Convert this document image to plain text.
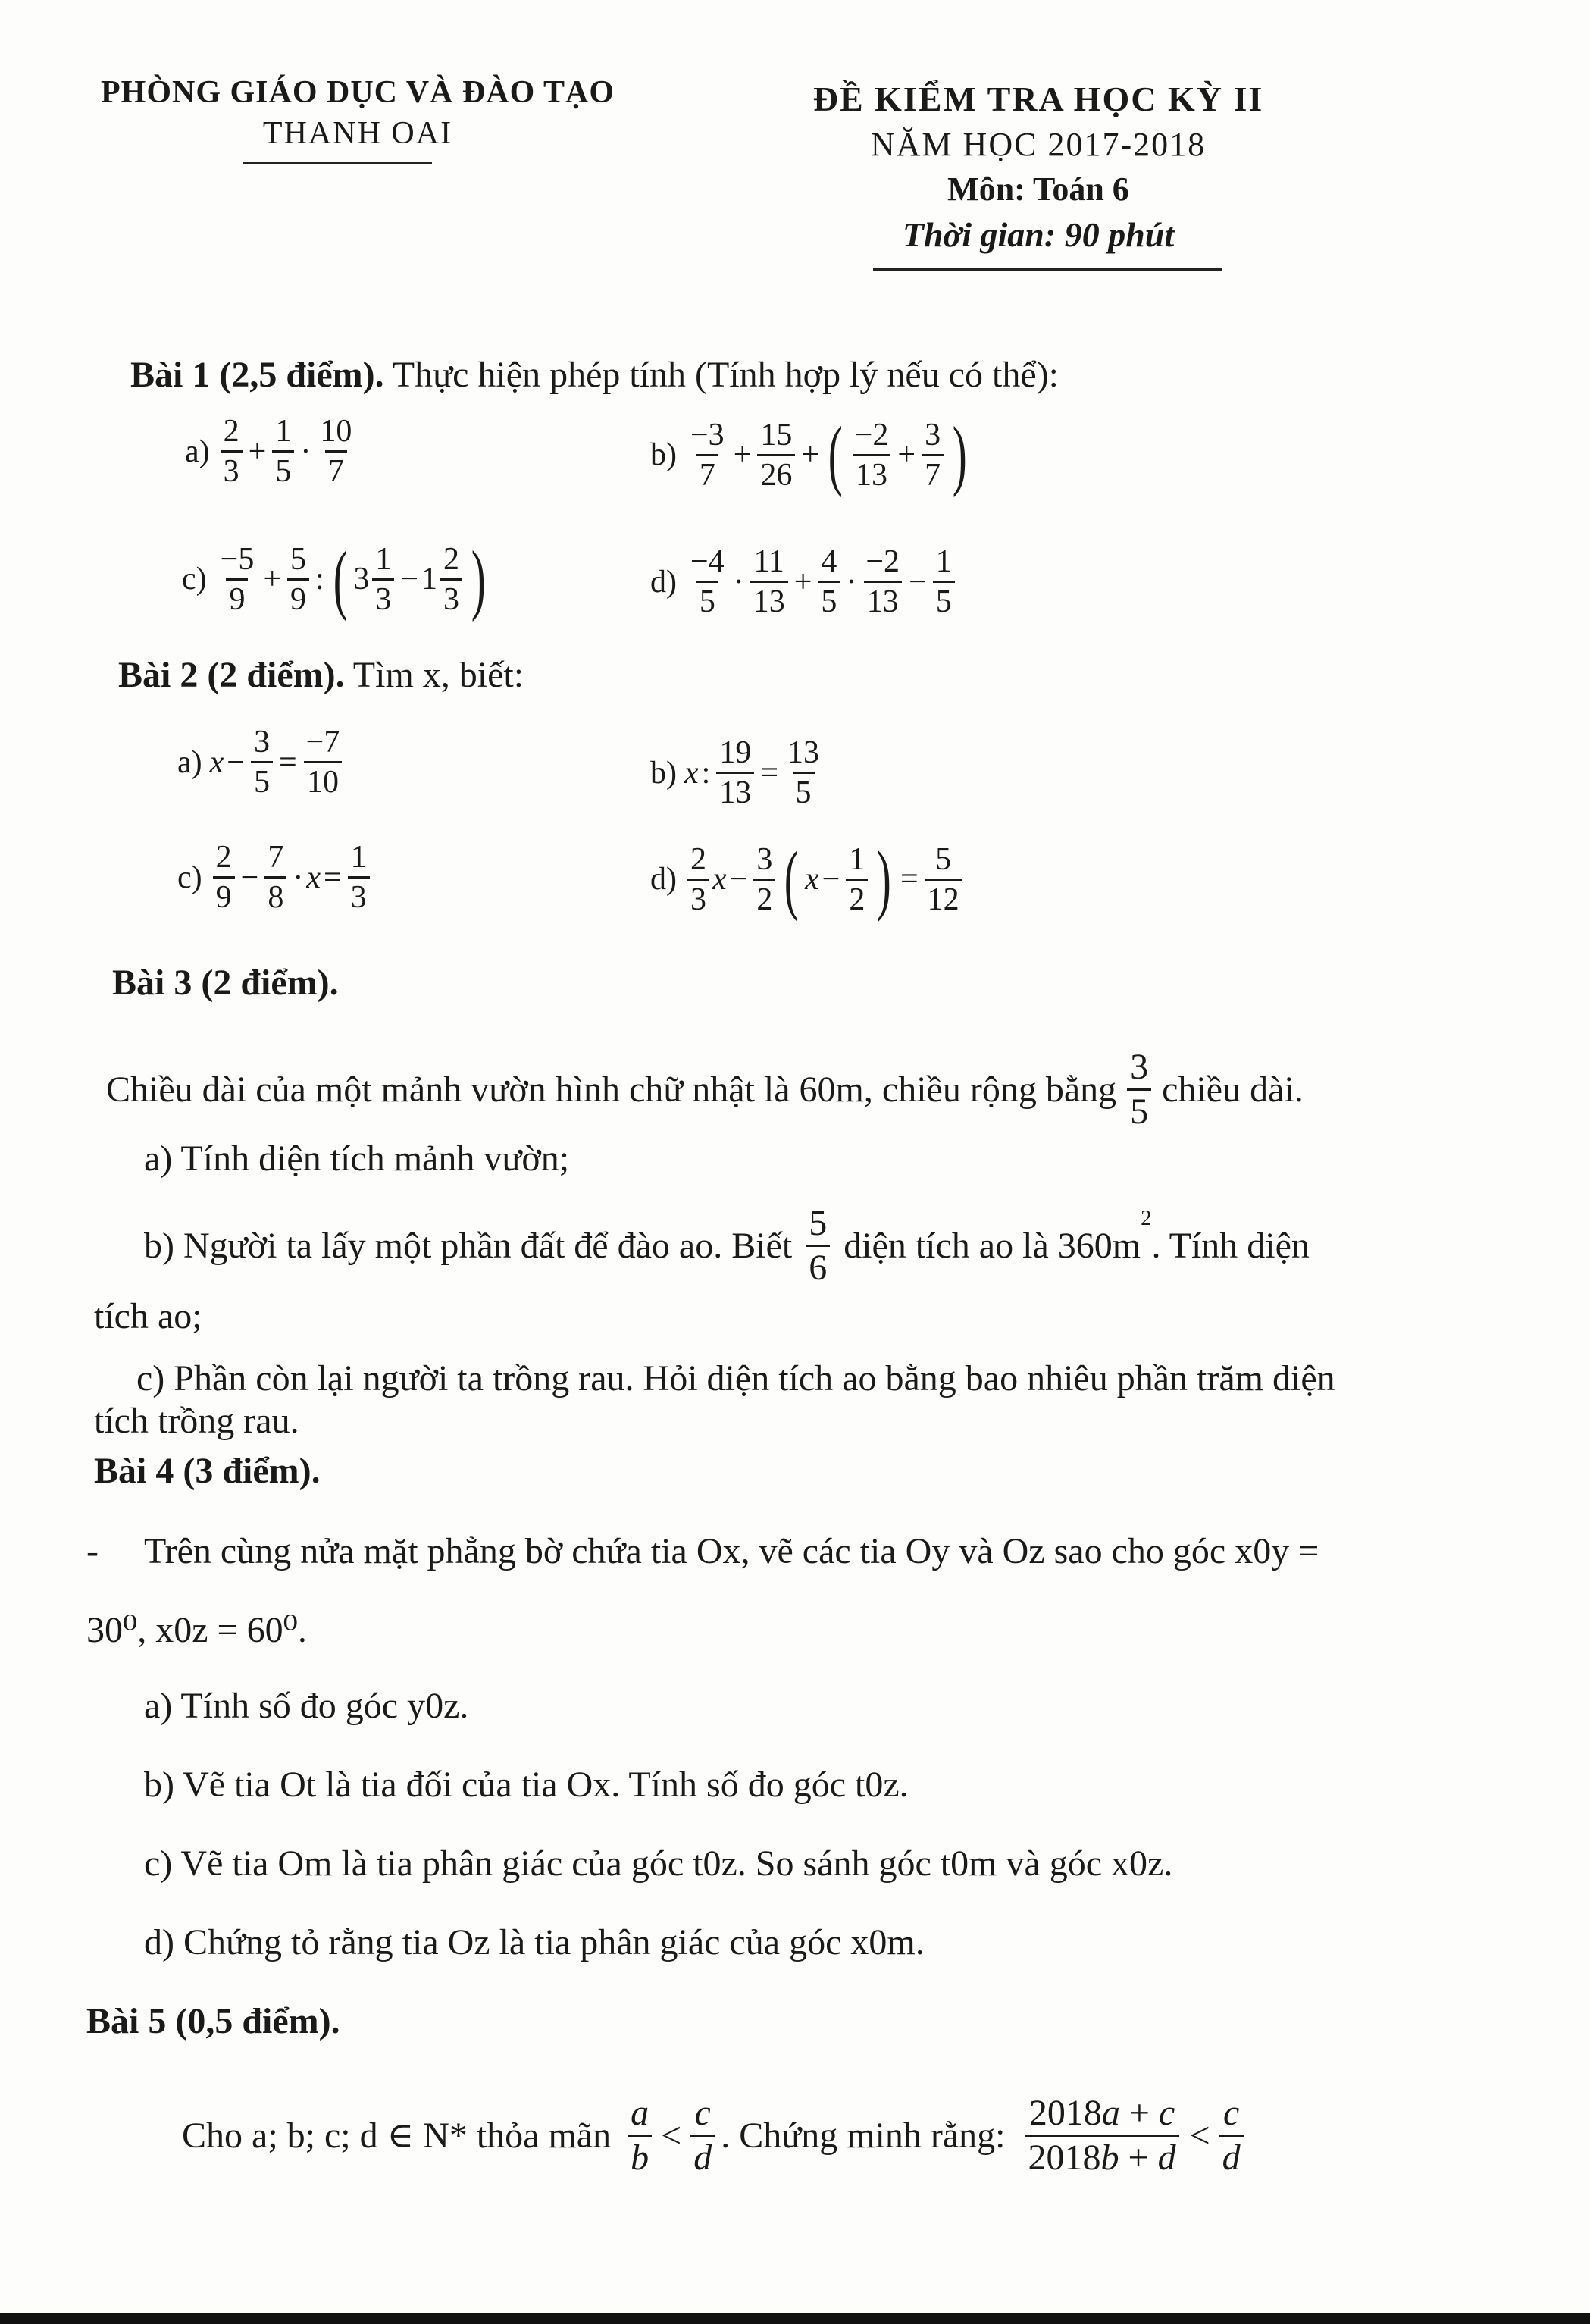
PHÒNG GIÁO DỤC VÀ ĐÀO TẠO
THANH OAI
ĐỀ KIỂM TRA HỌC KỲ II
NĂM HỌC 2017-2018
Môn: Toán 6
Thời gian: 90 phút
Bài 1 (2,5 điểm). Thực hiện phép tính (Tính hợp lý nếu có thể):
$a) \frac{2}{3} + \frac{1}{5} \cdot \frac{10}{7}$	$b) \frac{-3}{7} + \frac{15}{26}$ + ( $\frac{-2}{13} + \frac{3}{7}$ )
$c) \frac{-5}{9} + \frac{5}{9}$ : ( $3 \frac{1}{3} - 1 \frac{2}{3}$ )	$d) \frac{-4}{5} \cdot \frac{11}{13} + \frac{4}{5} \cdot \frac{-2}{13} - \frac{1}{5}$
Bài 2 (2 điểm). Tìm x, biết:
a) $x - \frac{3}{5} = \frac{-7}{10}$	b) x : $\frac{19}{13} = \frac{13}{5}$
$c) \frac{2}{9} - \frac{7}{8} \cdot x = \frac{1}{3}$	$d) \frac{2}{3}$ $x - \frac{3}{2}$ ( $x - \frac{1}{2}$ ) = $\frac{5}{12}$
Bài 3 (2 điểm).
Chiều dài của một mảnh vườn hình chữ nhật là 60m, chiều rộng bằng $\frac{3}{5}$ chiều dài.
a) Tính diện tích mảnh vườn;
b) Người ta lấy một phần đất để đào ao. Biết $\frac{5}{6}$ diện tích ao là 360m
$^2$
. Tính diện
tích ao;
c) Phần còn lại người ta trồng rau. Hỏi diện tích ao bằng bao nhiêu phần trăm diện
tích trồng rau.
Bài 4 (3 điểm).
- Trên cùng nửa mặt phẳng bờ chứa tia Ox, vẽ các tia Oy và Oz sao cho góc x0y =
30⁰, x0z = 60⁰.
a) Tính số đo góc y0z.
b) Vẽ tia Ot là tia đối của tia Ox. Tính số đo góc t0z.
c) Vẽ tia Om là tia phân giác của góc t0z. So sánh góc t0m và góc x0z.
d) Chứng tỏ rằng tia Oz là tia phân giác của góc x0m.
Bài 5 (0,5 điểm).
Cho a; b; c; d ∈ N* thỏa mãn $\frac{a}{b} < \frac{c}{d}$ . Chứng minh rằng: $\frac{2018a + c}{2018b + d} < \frac{c}{d}$
